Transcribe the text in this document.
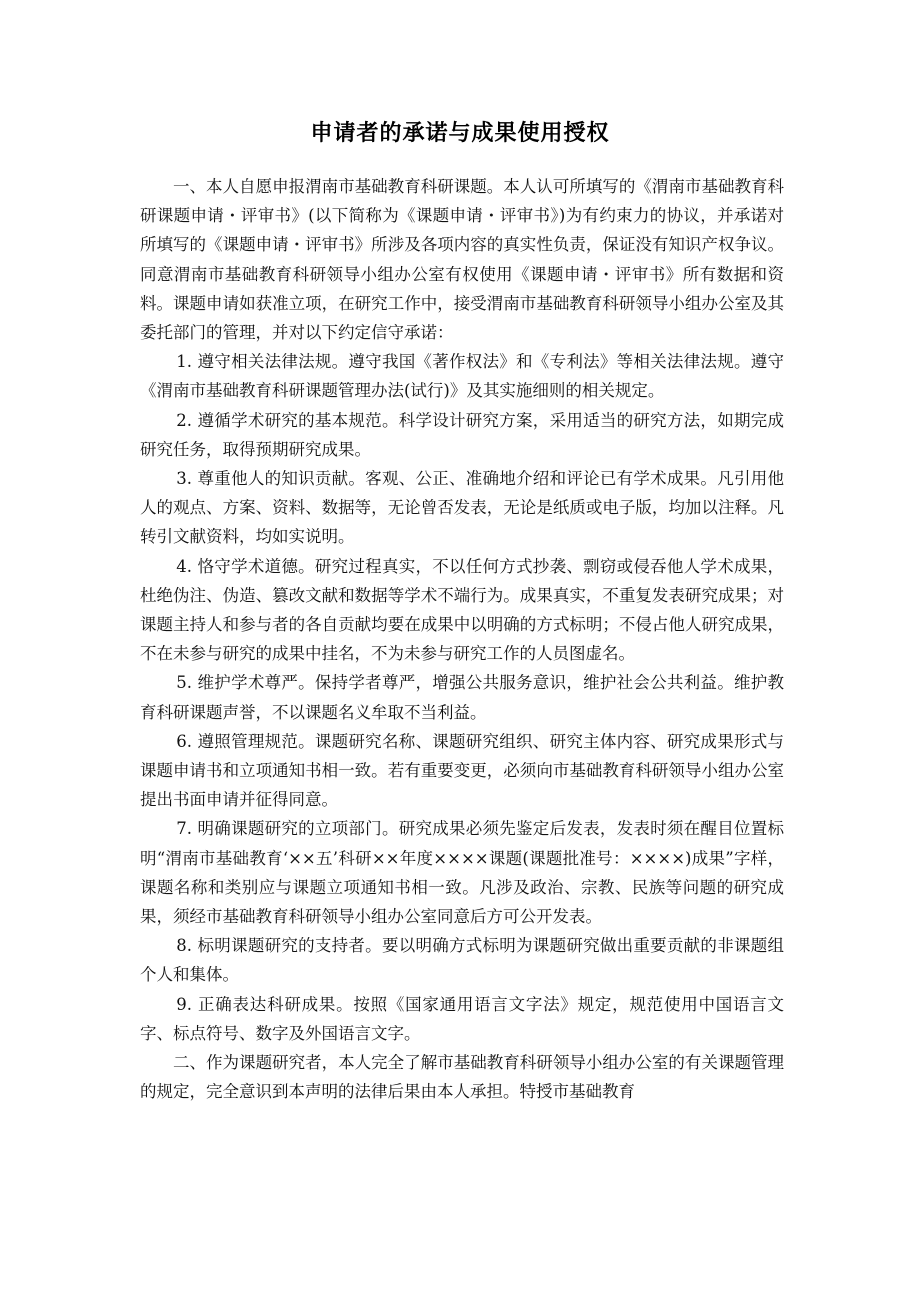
申请者的承诺与成果使用授权

一、本人自愿申报渭南市基础教育科研课题。本人认可所填写的《渭南市基础教育科研课题申请・评审书》(以下简称为《课题申请・评审书》)为有约束力的协议，并承诺对所填写的《课题申请・评审书》所涉及各项内容的真实性负责，保证没有知识产权争议。同意渭南市基础教育科研领导小组办公室有权使用《课题申请・评审书》所有数据和资料。课题申请如获准立项，在研究工作中，接受渭南市基础教育科研领导小组办公室及其委托部门的管理，并对以下约定信守承诺：

1. 遵守相关法律法规。遵守我国《著作权法》和《专利法》等相关法律法规。遵守《渭南市基础教育科研课题管理办法(试行)》及其实施细则的相关规定。

2. 遵循学术研究的基本规范。科学设计研究方案，采用适当的研究方法，如期完成研究任务，取得预期研究成果。

3. 尊重他人的知识贡献。客观、公正、准确地介绍和评论已有学术成果。凡引用他人的观点、方案、资料、数据等，无论曾否发表，无论是纸质或电子版，均加以注释。凡转引文献资料，均如实说明。

4. 恪守学术道德。研究过程真实，不以任何方式抄袭、剽窃或侵吞他人学术成果，杜绝伪注、伪造、篡改文献和数据等学术不端行为。成果真实，不重复发表研究成果；对课题主持人和参与者的各自贡献均要在成果中以明确的方式标明；不侵占他人研究成果，不在未参与研究的成果中挂名，不为未参与研究工作的人员图虚名。

5. 维护学术尊严。保持学者尊严，增强公共服务意识，维护社会公共利益。维护教育科研课题声誉，不以课题名义牟取不当利益。

6. 遵照管理规范。课题研究名称、课题研究组织、研究主体内容、研究成果形式与课题申请书和立项通知书相一致。若有重要变更，必须向市基础教育科研领导小组办公室提出书面申请并征得同意。

7. 明确课题研究的立项部门。研究成果必须先鉴定后发表，发表时须在醒目位置标明“渭南市基础教育‘××五’科研××年度××××课题(课题批准号：××××)成果”字样，课题名称和类别应与课题立项通知书相一致。凡涉及政治、宗教、民族等问题的研究成果，须经市基础教育科研领导小组办公室同意后方可公开发表。

8. 标明课题研究的支持者。要以明确方式标明为课题研究做出重要贡献的非课题组个人和集体。

9. 正确表达科研成果。按照《国家通用语言文字法》规定，规范使用中国语言文字、标点符号、数字及外国语言文字。

二、作为课题研究者，本人完全了解市基础教育科研领导小组办公室的有关课题管理的规定，完全意识到本声明的法律后果由本人承担。特授市基础教育
